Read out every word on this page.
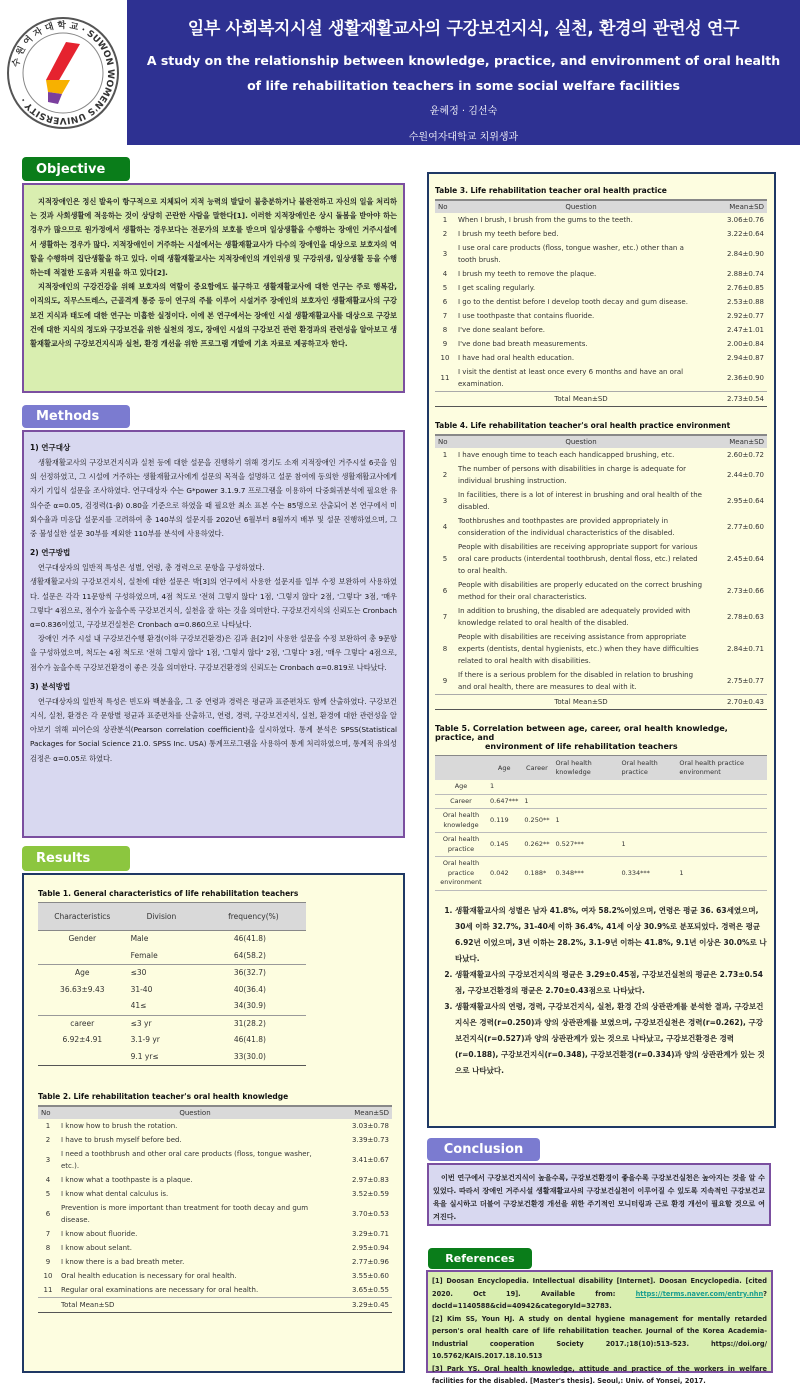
수 원 여 자 대 학 교 · SUWON WOMEN'S UNIVERSITY ·
일부 사회복지시설 생활재활교사의 구강보건지식, 실천, 환경의 관련성 연구
A study on the relationship between knowledge, practice, and environment of oral health
of life rehabilitation teachers in some social welfare facilities
윤혜정 · 김선숙
수원여자대학교 치위생과
Objective

지적장애인은 정신 발육이 항구적으로 지체되어 지적 능력의 발달이 불충분하거나 불완전하고 자신의 일을 처리하는 것과 사회생활에 적응하는 것이 상당히 곤란한 사람을 말한다[1]. 이러한 지적장애인은 상시 돌봄을 받아야 하는 경우가 많으므로 원가정에서 생활하는 경우보다는 전문가의 보호를 받으며 일상생활을 수행하는 장애인 거주시설에서 생활하는 경우가 많다. 지적장애인이 거주하는 시설에서는 생활재활교사가 다수의 장애인을 대상으로 보호자의 역할을 수행하며 집단생활을 하고 있다. 이때 생활재활교사는 지적장애인의 개인위생 및 구강위생, 일상생활 등을 수행하는데 적절한 도움과 지원을 하고 있다[2].

지적장애인의 구강건강을 위해 보호자의 역할이 중요함에도 불구하고 생활재활교사에 대한 연구는 주로 행복감, 이직의도, 직무스트레스, 근골격계 통증 등이 연구의 주를 이루어 시설거주 장애인의 보호자인 생활재활교사의 구강보건 지식과 태도에 대한 연구는 미흡한 실정이다. 이에 본 연구에서는 장애인 시설 생활재활교사를 대상으로 구강보건에 대한 지식의 정도와 구강보건을 위한 실천의 정도, 장애인 시설의 구강보건 관련 환경과의 관련성을 알아보고 생활재활교사의 구강보건지식과 실천, 환경 개선을 위한 프로그램 개발에 기초 자료로 제공하고자 한다.

Methods
1) 연구대상

생활재활교사의 구강보건지식과 실천 등에 대한 설문을 진행하기 위해 경기도 소재 지적장애인 거주시설 6곳을 임의 선정하였고, 그 시설에 거주하는 생활재활교사에게 설문의 목적을 설명하고 설문 참여에 동의한 생활재활교사에게 자기 기입식 설문을 조사하였다. 연구대상자 수는 G*power 3.1.9.7 프로그램을 이용하여 다중회귀분석에 필요한 유의수준 α=0.05, 검정력(1-β) 0.80을 기준으로 하였을 때 필요한 최소 표본 수는 85명으로 산출되어 본 연구에서 미회수율과 미응답 설문지를 고려하여 총 140부의 설문지를 2020년 6월부터 8월까지 배부 및 설문 진행하였으며, 그 중 불성실한 설문 30부를 제외한 110부를 분석에 사용하였다.

2) 연구방법

연구대상자의 일반적 특성은 성별, 연령, 총 경력으로 문항을 구성하였다.

생활재활교사의 구강보건지식, 실천에 대한 설문은 박[3]의 연구에서 사용한 설문지를 일부 수정 보완하여 사용하였다. 설문은 각각 11문항씩 구성하였으며, 4점 척도로 '전혀 그렇지 않다' 1점, '그렇지 않다' 2점, '그렇다' 3점, '매우 그렇다' 4점으로, 점수가 높을수록 구강보건지식, 실천을 잘 하는 것을 의미한다. 구강보건지식의 신뢰도는 Cronbach α=0.836이었고, 구강보건실천은 Cronbach α=0.860으로 나타났다.

장애인 거주 시설 내 구강보건수행 환경(이하 구강보건환경)은 김과 윤[2]이 사용한 설문을 수정 보완하여 총 9문항을 구성하였으며, 척도는 4점 척도로 '전혀 그렇지 않다' 1점, '그렇지 않다' 2점, '그렇다' 3점, '매우 그렇다' 4점으로, 점수가 높을수록 구강보건환경이 좋은 것을 의미한다. 구강보건환경의 신뢰도는 Cronbach α=0.819로 나타났다.

3) 분석방법

연구대상자의 일반적 특성은 빈도와 백분율을, 그 중 연령과 경력은 평균과 표준편차도 함께 산출하였다. 구강보건지식, 실천, 환경은 각 문항별 평균과 표준편차를 산출하고, 연령, 경력, 구강보건지식, 실천, 환경에 대한 관련성을 알아보기 위해 피어슨의 상관분석(Pearson correlation coefficient)을 실시하였다. 통계 분석은 SPSS(Statistical Packages for Social Science 21.0. SPSS Inc. USA) 통계프로그램을 사용하여 통계 처리하였으며, 통계적 유의성 검정은 α=0.05로 하였다.

Results
Table 1. General characteristics of life rehabilitation teachers
Characteristics	Division	frequency(%)
Gender	Male	46(41.8)
	Female	64(58.2)
Age	≤30	36(32.7)
36.63±9.43	31-40	40(36.4)
	41≤	34(30.9)
career	≤3 yr	31(28.2)
6.92±4.91	3.1-9 yr	46(41.8)
	9.1 yr≤	33(30.0)
Table 2. Life rehabilitation teacher's oral health knowledge
No	Question	Mean±SD
1	I know how to brush the rotation.	3.03±0.78
2	I have to brush myself before bed.	3.39±0.73
3	I need a toothbrush and other oral care products (floss, tongue washer, etc.).	3.41±0.67
4	I know what a toothpaste is a plaque.	2.97±0.83
5	I know what dental calculus is.	3.52±0.59
6	Prevention is more important than treatment for tooth decay and gum disease.	3.70±0.53
7	I know about fluoride.	3.29±0.71
8	I know about selant.	2.95±0.94
9	I know there is a bad breath meter.	2.77±0.96
10	Oral health education is necessary for oral health.	3.55±0.60
11	Regular oral examinations are necessary for oral health.	3.65±0.55
	Total Mean±SD	3.29±0.45
Table 3. Life rehabilitation teacher oral health practice
No	Question	Mean±SD
1	When I brush, I brush from the gums to the teeth.	3.06±0.76
2	I brush my teeth before bed.	3.22±0.64
3	I use oral care products (floss, tongue washer, etc.) other than a tooth brush.	2.84±0.90
4	I brush my teeth to remove the plaque.	2.88±0.74
5	I get scaling regularly.	2.76±0.85
6	I go to the dentist before I develop tooth decay and gum disease.	2.53±0.88
7	I use toothpaste that contains fluoride.	2.92±0.77
8	I've done sealant before.	2.47±1.01
9	I've done bad breath measurements.	2.00±0.84
10	I have had oral health education.	2.94±0.87
11	I visit the dentist at least once every 6 months and have an oral examination.	2.36±0.90
	Total Mean±SD	2.73±0.54
Table 4. Life rehabilitation teacher's oral health practice environment
No	Question	Mean±SD
1	I have enough time to teach each handicapped brushing, etc.	2.60±0.72
2	The number of persons with disabilities in charge is adequate for individual brushing instruction.	2.44±0.70
3	In facilities, there is a lot of interest in brushing and oral health of the disabled.	2.95±0.64
4	Toothbrushes and toothpastes are provided appropriately in consideration of the individual characteristics of the disabled.	2.77±0.60
5	People with disabilities are receiving appropriate support for various oral care products (interdental toothbrush, dental floss, etc.) related to oral health.	2.45±0.64
6	People with disabilities are properly educated on the correct brushing method for their oral characteristics.	2.73±0.66
7	In addition to brushing, the disabled are adequately provided with knowledge related to oral health of the disabled.	2.78±0.63
8	People with disabilities are receiving assistance from appropriate experts (dentists, dental hygienists, etc.) when they have difficulties related to oral health with disabilities.	2.84±0.71
9	If there is a serious problem for the disabled in relation to brushing and oral health, there are measures to deal with it.	2.75±0.77
	Total Mean±SD	2.70±0.43
Table 5. Correlation between age, career, oral health knowledge, practice, and
environment of life rehabilitation teachers
	Age	Career	Oral health knowledge	Oral health practice	Oral health practice environment
Age	1				
Career	0.647***	1			
Oral health knowledge	0.119	0.250**	1		
Oral health practice	0.145	0.262**	0.527***	1	
Oral health practice environment	0.042	0.188*	0.348***	0.334***	1
1. 생활재활교사의 성별은 남자 41.8%, 여자 58.2%이었으며, 연령은 평균 36. 63세였으며, 30세 이하 32.7%, 31-40세 이하 36.4%, 41세 이상 30.9%로 분포되었다. 경력은 평균 6.92년 이었으며, 3년 이하는 28.2%, 3.1-9년 이하는 41.8%, 9.1년 이상은 30.0%로 나타났다.
2. 생활재활교사의 구강보건지식의 평균은 3.29±0.45점, 구강보건실천의 평균은 2.73±0.54점, 구강보건환경의 평균은 2.70±0.43점으로 나타났다.
3. 생활재활교사의 연령, 경력, 구강보건지식, 실천, 환경 간의 상관관계를 분석한 결과, 구강보건지식은 경력(r=0.250)과 양의 상관관계를 보였으며, 구강보건실천은 경력(r=0.262), 구강보건지식(r=0.527)과 양의 상관관계가 있는 것으로 나타났고, 구강보건환경은 경력(r=0.188), 구강보건지식(r=0.348), 구강보건환경(r=0.334)과 양의 상관관계가 있는 것으로 나타났다.
Conclusion

이번 연구에서 구강보건지식이 높을수록, 구강보건환경이 좋을수록 구강보건실천은 높아지는 것을 알 수 있었다. 따라서 장애인 거주시설 생활재활교사의 구강보건실천이 이루어질 수 있도록 지속적인 구강보건교육을 실시하고 더불어 구강보건환경 개선을 위한 주기적인 모니터링과 근로 환경 개선이 필요할 것으로 여겨진다.

References

[1] Doosan Encyclopedia. Intellectual disability [Internet]. Doosan Encyclopedia. [cited 2020. Oct 19]. Available from: https://terms.naver.com/entry.nhn?docId=1140588&cid=40942&categoryId=32783.

[2] Kim SS, Youn HJ. A study on dental hygiene management for mentally retarded person's oral health care of life rehabilitation teacher. Journal of the Korea Academia-Industrial cooperation Society 2017.;18(10):513-523. https://doi.org/ 10.5762/KAIS.2017.18.10.513

[3] Park YS. Oral health knowledge, attitude and practice of the workers in welfare facilities for the disabled. [Master's thesis]. Seoul,: Univ. of Yonsei, 2017.
